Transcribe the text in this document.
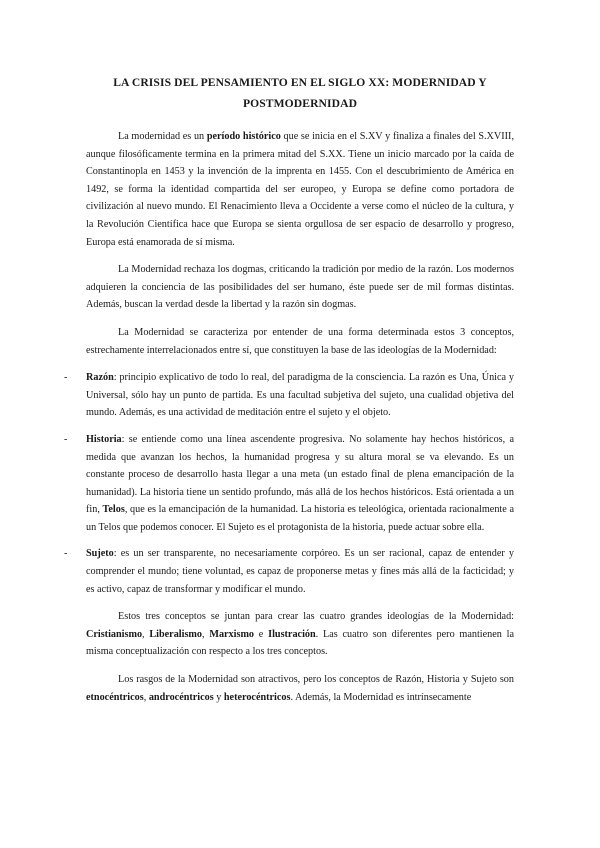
LA CRISIS DEL PENSAMIENTO EN EL SIGLO XX: MODERNIDAD Y POSTMODERNIDAD

La modernidad es un período histórico que se inicia en el S.XV y finaliza a finales del S.XVIII, aunque filosóficamente termina en la primera mitad del S.XX. Tiene un inicio marcado por la caída de Constantinopla en 1453 y la invención de la imprenta en 1455. Con el descubrimiento de América en 1492, se forma la identidad compartida del ser europeo, y Europa se define como portadora de civilización al nuevo mundo. El Renacimiento lleva a Occidente a verse como el núcleo de la cultura, y la Revolución Científica hace que Europa se sienta orgullosa de ser espacio de desarrollo y progreso, Europa está enamorada de sí misma.

La Modernidad rechaza los dogmas, criticando la tradición por medio de la razón. Los modernos adquieren la conciencia de las posibilidades del ser humano, éste puede ser de mil formas distintas. Además, buscan la verdad desde la libertad y la razón sin dogmas.

La Modernidad se caracteriza por entender de una forma determinada estos 3 conceptos, estrechamente interrelacionados entre sí, que constituyen la base de las ideologías de la Modernidad:

- Razón: principio explicativo de todo lo real, del paradigma de la consciencia. La razón es Una, Única y Universal, sólo hay un punto de partida. Es una facultad subjetiva del sujeto, una cualidad objetiva del mundo. Además, es una actividad de meditación entre el sujeto y el objeto.
- Historia: se entiende como una línea ascendente progresiva. No solamente hay hechos históricos, a medida que avanzan los hechos, la humanidad progresa y su altura moral se va elevando. Es un constante proceso de desarrollo hasta llegar a una meta (un estado final de plena emancipación de la humanidad). La historia tiene un sentido profundo, más allá de los hechos históricos. Está orientada a un fin, Telos, que es la emancipación de la humanidad. La historia es teleológica, orientada racionalmente a un Telos que podemos conocer. El Sujeto es el protagonista de la historia, puede actuar sobre ella.
- Sujeto: es un ser transparente, no necesariamente corpóreo. Es un ser racional, capaz de entender y comprender el mundo; tiene voluntad, es capaz de proponerse metas y fines más allá de la facticidad; y es activo, capaz de transformar y modificar el mundo.

Estos tres conceptos se juntan para crear las cuatro grandes ideologías de la Modernidad: Cristianismo, Liberalismo, Marxismo e Ilustración. Las cuatro son diferentes pero mantienen la misma conceptualización con respecto a los tres conceptos.

Los rasgos de la Modernidad son atractivos, pero los conceptos de Razón, Historia y Sujeto son etnocéntricos, androcéntricos y heterocéntricos. Además, la Modernidad es intrínsecamente
